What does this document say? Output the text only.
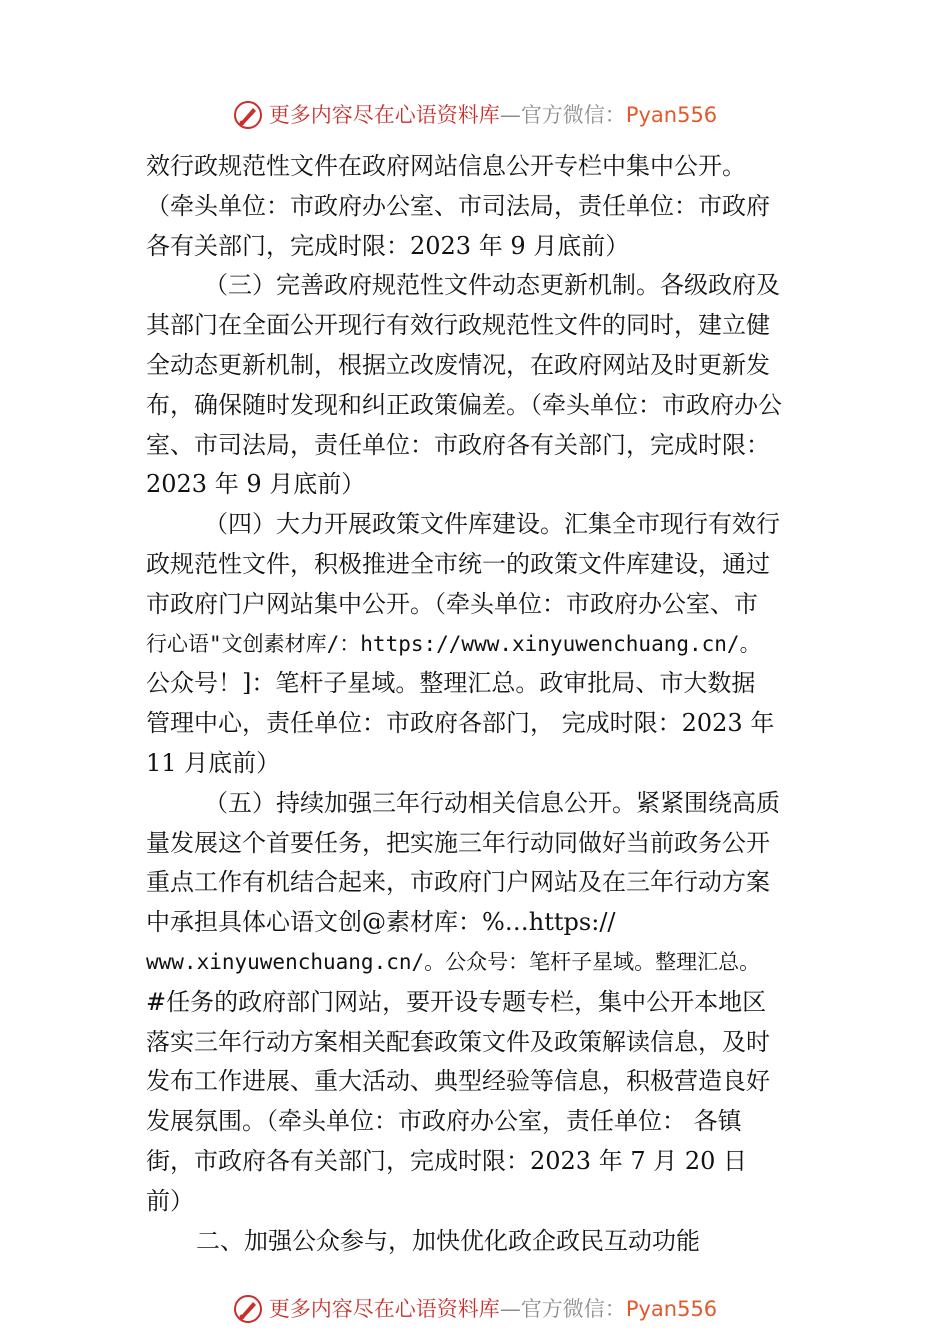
更多内容尽在心语资料库 — 官方微信： Pyan556
效行政规范性文件在政府网站信息公开专栏中集中公开。
（牵头单位：市政府办公室、市司法局，责任单位：市政府
各有关部门，完成时限：2023 年 9 月底前）
（三）完善政府规范性文件动态更新机制。各级政府及
其部门在全面公开现行有效行政规范性文件的同时，建立健
全动态更新机制，根据立改废情况，在政府网站及时更新发
布，确保随时发现和纠正政策偏差。（牵头单位：市政府办公
室、市司法局，责任单位：市政府各有关部门，完成时限：
2023 年 9 月底前）
（四）大力开展政策文件库建设。汇集全市现行有效行
政规范性文件，积极推进全市统一的政策文件库建设，通过
市政府门户网站集中公开。（牵头单位：市政府办公室、市
行心语"文创素材库/：https://www.xinyuwenchuang.cn/。
公众号！]：笔杆子星域。整理汇总。政审批局、市大数据
管理中心，责任单位：市政府各部门， 完成时限：2023 年
11 月底前）
（五）持续加强三年行动相关信息公开。紧紧围绕高质
量发展这个首要任务，把实施三年行动同做好当前政务公开
重点工作有机结合起来，市政府门户网站及在三年行动方案
中承担具体心语文创@素材库：%…https://
www.xinyuwenchuang.cn/。公众号：笔杆子星域。整理汇总。
#任务的政府部门网站，要开设专题专栏，集中公开本地区
落实三年行动方案相关配套政策文件及政策解读信息，及时
发布工作进展、重大活动、典型经验等信息，积极营造良好
发展氛围。（牵头单位：市政府办公室，责任单位： 各镇
街，市政府各有关部门，完成时限：2023 年 7 月 20 日
前）
二、加强公众参与，加快优化政企政民互动功能
更多内容尽在心语资料库 — 官方微信： Pyan556
